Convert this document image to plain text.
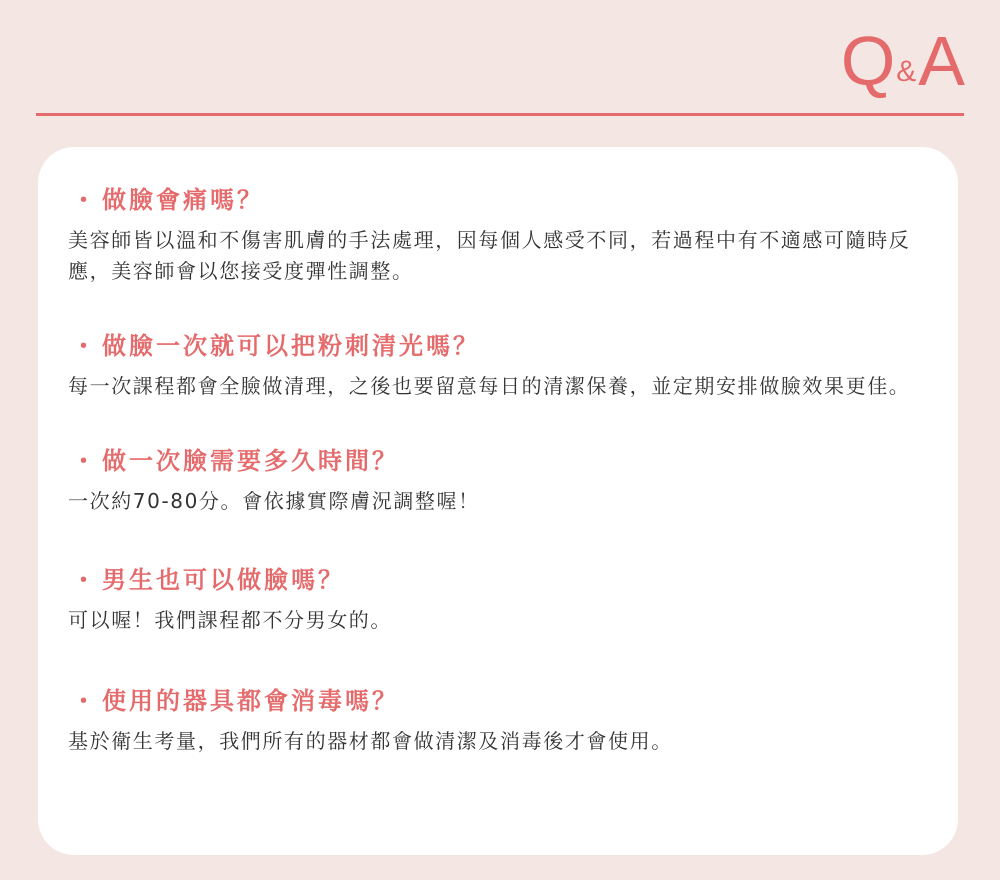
Q&A
・ 做臉會痛嗎？

美容師皆以溫和不傷害肌膚的手法處理，因每個人感受不同，若過程中有不適感可隨時反應，美容師會以您接受度彈性調整。

・ 做臉一次就可以把粉刺清光嗎？

每一次課程都會全臉做清理，之後也要留意每日的清潔保養，並定期安排做臉效果更佳。

・ 做一次臉需要多久時間？

一次約70-80分。會依據實際膚況調整喔！

・ 男生也可以做臉嗎？

可以喔！我們課程都不分男女的。

・ 使用的器具都會消毒嗎？

基於衛生考量，我們所有的器材都會做清潔及消毒後才會使用。
